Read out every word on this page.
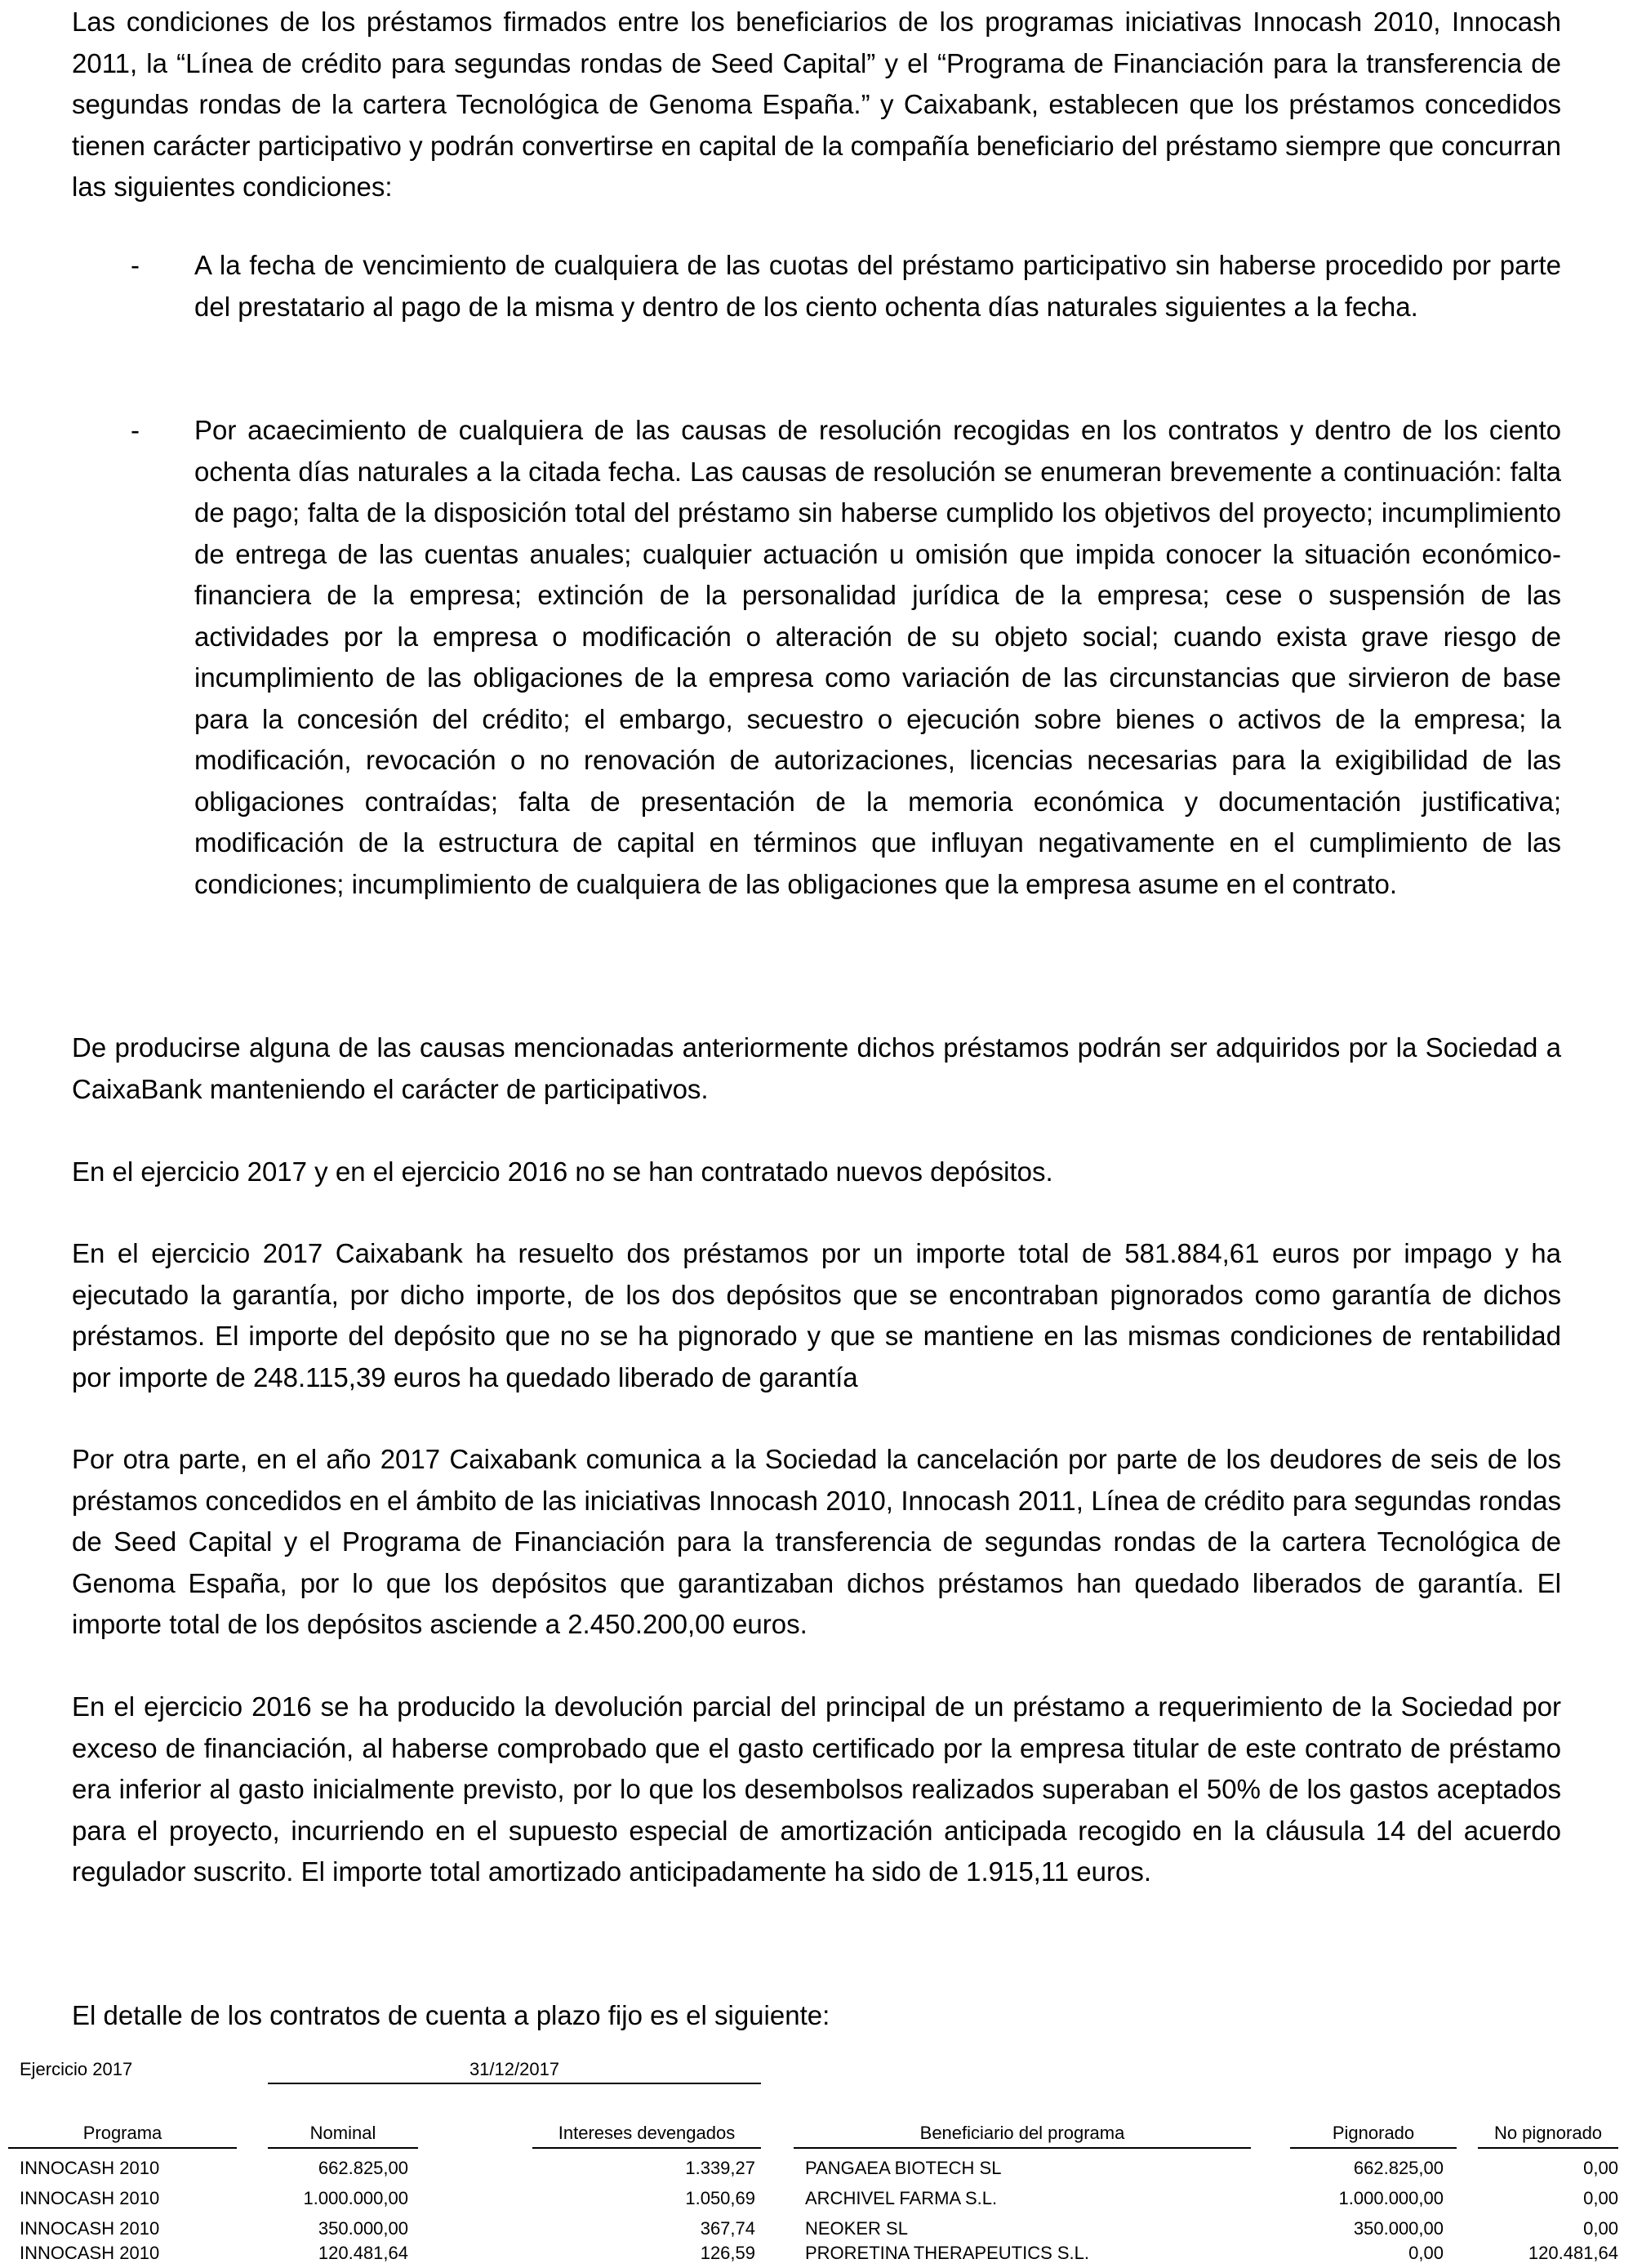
Las condiciones de los préstamos firmados entre los beneficiarios de los programas iniciativas Innocash 2010, Innocash 2011, la “Línea de crédito para segundas rondas de Seed Capital” y el “Programa de Financiación para la transferencia de segundas rondas de la cartera Tecnológica de Genoma España.” y Caixabank, establecen que los préstamos concedidos tienen carácter participativo y podrán convertirse en capital de la compañía beneficiario del préstamo siempre que concurran las siguientes condiciones:

-	A la fecha de vencimiento de cualquiera de las cuotas del préstamo participativo sin haberse procedido por parte del prestatario al pago de la misma y dentro de los ciento ochenta días naturales siguientes a la fecha.

-	Por acaecimiento de cualquiera de las causas de resolución recogidas en los contratos y dentro de los ciento ochenta días naturales a la citada fecha. Las causas de resolución se enumeran brevemente a continuación: falta de pago; falta de la disposición total del préstamo sin haberse cumplido los objetivos del proyecto; incumplimiento de entrega de las cuentas anuales; cualquier actuación u omisión que impida conocer la situación económico-financiera de la empresa; extinción de la personalidad jurídica de la empresa; cese o suspensión de las actividades por la empresa o modificación o alteración de su objeto social; cuando exista grave riesgo de incumplimiento de las obligaciones de la empresa como variación de las circunstancias que sirvieron de base para la concesión del crédito; el embargo, secuestro o ejecución sobre bienes o activos de la empresa; la modificación, revocación o no renovación de autorizaciones, licencias necesarias para la exigibilidad de las obligaciones contraídas; falta de presentación de la memoria económica y documentación justificativa; modificación de la estructura de capital en términos que influyan negativamente en el cumplimiento de las condiciones; incumplimiento de cualquiera de las obligaciones que la empresa asume en el contrato.

De producirse alguna de las causas mencionadas anteriormente dichos préstamos podrán ser adquiridos por la Sociedad a CaixaBank manteniendo el carácter de participativos.

En el ejercicio 2017 y en el ejercicio 2016 no se han contratado nuevos depósitos.

En el ejercicio 2017 Caixabank ha resuelto dos préstamos por un importe total de 581.884,61 euros por impago y ha ejecutado la garantía, por dicho importe, de los dos depósitos que se encontraban pignorados como garantía de dichos préstamos. El importe del depósito que no se ha pignorado y que se mantiene en las mismas condiciones de rentabilidad por importe de 248.115,39 euros ha quedado liberado de garantía

Por otra parte, en el año 2017 Caixabank comunica a la Sociedad la cancelación por parte de los deudores de seis de los préstamos concedidos en el ámbito de las iniciativas Innocash 2010, Innocash 2011, Línea de crédito para segundas rondas de Seed Capital y el Programa de Financiación para la transferencia de segundas rondas de la cartera Tecnológica de Genoma España, por lo que los depósitos que garantizaban dichos préstamos han quedado liberados de garantía. El importe total de los depósitos asciende a 2.450.200,00 euros.

En el ejercicio 2016 se ha producido la devolución parcial del principal de un préstamo a requerimiento de la Sociedad por exceso de financiación, al haberse comprobado que el gasto certificado por la empresa titular de este contrato de préstamo era inferior al gasto inicialmente previsto, por lo que los desembolsos realizados superaban el 50% de los gastos aceptados para el proyecto, incurriendo en el supuesto especial de amortización anticipada recogido en la cláusula 14 del acuerdo regulador suscrito. El importe total amortizado anticipadamente ha sido de 1.915,11 euros.

El detalle de los contratos de cuenta a plazo fijo es el siguiente:

Ejercicio 2017	31/12/2017
Programa	Nominal	Intereses devengados	Beneficiario del programa	Pignorado	No pignorado
INNOCASH 2010	662.825,00	1.339,27	PANGAEA BIOTECH SL	662.825,00	0,00
INNOCASH 2010	1.000.000,00	1.050,69	ARCHIVEL FARMA S.L.	1.000.000,00	0,00
INNOCASH 2010	350.000,00	367,74	NEOKER SL	350.000,00	0,00
INNOCASH 2010	120.481,64	126,59	PRORETINA THERAPEUTICS S.L.	0,00	120.481,64
